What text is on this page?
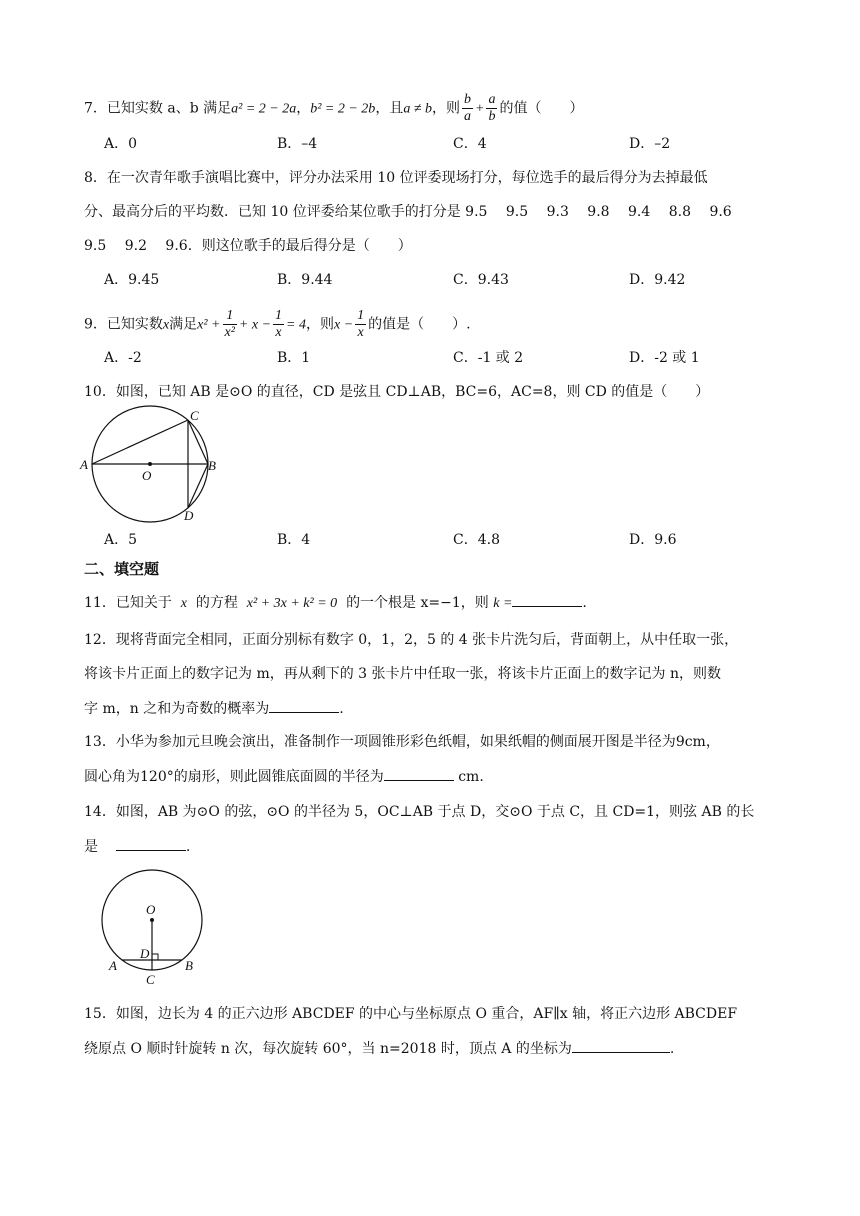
7．已知实数 a、b 满足a² = 2 − 2a，b² = 2 − 2b，且a ≠ b，则 $\frac{b}{a} + \frac{a}{b}$ 的值（　　）
A．0	B．–4	C．4	D．–2
8．在一次青年歌手演唱比赛中，评分办法采用 10 位评委现场打分，每位选手的最后得分为去掉最低
分、最高分后的平均数．已知 10 位评委给某位歌手的打分是 9.5　 9.5　 9.3　 9.8　 9.4　 8.8　 9.6
9.5　 9.2　 9.6．则这位歌手的最后得分是（　　）
A．9.45	B．9.44	C．9.43	D．9.42
9．已知实数x满足$x^2 + \frac{1}{\text{x²}} + x - \frac{1}{x} = 4$，则$x - \frac{1}{x}$ 的值是（　　）.
A．-2	B．1	C．-1 或 2	D．-2 或 1
10．如图，已知 AB 是⊙O 的直径，CD 是弦且 CD⊥AB，BC=6，AC=8，则 CD 的值是（　　）
A	B
C
D
O
A．5	B．4	C．4.8	D．9.6
二、填空题
11．已知关于 x 的方程 x² + 3x + k² = 0 的一个根是 x=−1，则 k =	.
12．现将背面完全相同，正面分别标有数字 0，1，2，5 的 4 张卡片洗匀后，背面朝上，从中任取一张，
将该卡片正面上的数字记为 m，再从剩下的 3 张卡片中任取一张，将该卡片正面上的数字记为 n，则数
字 m，n 之和为奇数的概率为	.
13．小华为参加元旦晚会演出，准备制作一项圆锥形彩色纸帽，如果纸帽的侧面展开图是半径为9cm，
圆心角为120°的扇形，则此圆锥底面圆的半径为	cm.
14．如图，AB 为⊙O 的弦，⊙O 的半径为 5，OC⊥AB 于点 D，交⊙O 于点 C，且 CD=1，则弦 AB 的长
是	.
O
D
A	B
C
15．如图，边长为 4 的正六边形 ABCDEF 的中心与坐标原点 O 重合，AF∥x 轴，将正六边形 ABCDEF
绕原点 O 顺时针旋转 n 次，每次旋转 60°，当 n=2018 时，顶点 A 的坐标为	.
